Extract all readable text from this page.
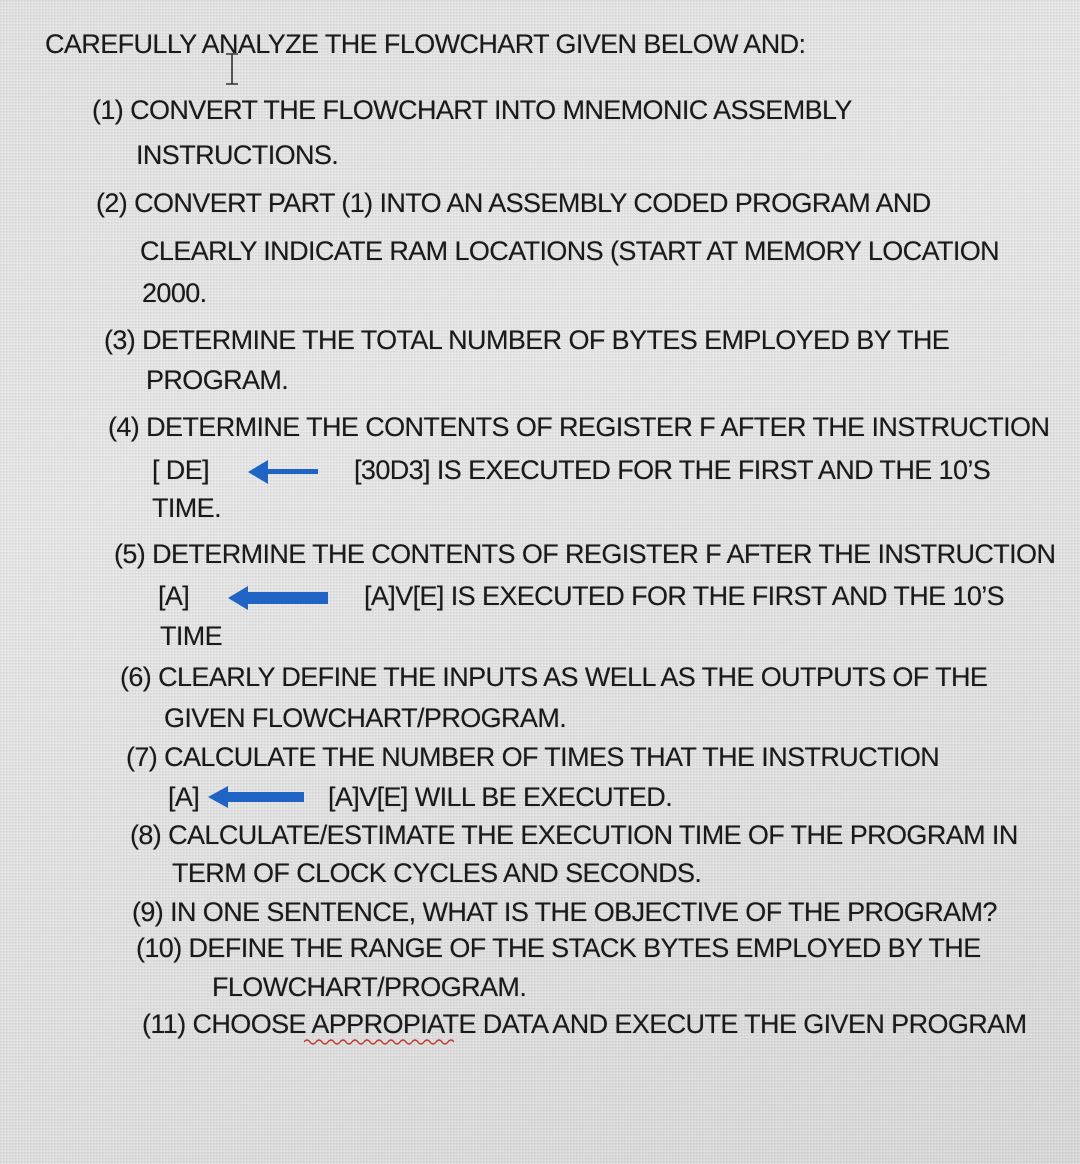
CAREFULLY ANALYZE THE FLOWCHART GIVEN BELOW AND:
(1) CONVERT THE FLOWCHART INTO MNEMONIC ASSEMBLY
INSTRUCTIONS.
(2) CONVERT PART (1) INTO AN ASSEMBLY CODED PROGRAM AND
CLEARLY INDICATE RAM LOCATIONS (START AT MEMORY LOCATION
2000.
(3) DETERMINE THE TOTAL NUMBER OF BYTES EMPLOYED BY THE
PROGRAM.
(4) DETERMINE THE CONTENTS OF REGISTER F AFTER THE INSTRUCTION
[ DE]	[30D3] IS EXECUTED FOR THE FIRST AND THE 10’S
TIME.
(5) DETERMINE THE CONTENTS OF REGISTER F AFTER THE INSTRUCTION
[A]	[A]V[E] IS EXECUTED FOR THE FIRST AND THE 10’S
TIME
(6) CLEARLY DEFINE THE INPUTS AS WELL AS THE OUTPUTS OF THE
GIVEN FLOWCHART/PROGRAM.
(7) CALCULATE THE NUMBER OF TIMES THAT THE INSTRUCTION
[A]	[A]V[E] WILL BE EXECUTED.
(8) CALCULATE/ESTIMATE THE EXECUTION TIME OF THE PROGRAM IN
TERM OF CLOCK CYCLES AND SECONDS.
(9) IN ONE SENTENCE, WHAT IS THE OBJECTIVE OF THE PROGRAM?
(10) DEFINE THE RANGE OF THE STACK BYTES EMPLOYED BY THE
FLOWCHART/PROGRAM.
(11) CHOOSE APPROPIATE DATA AND EXECUTE THE GIVEN PROGRAM
